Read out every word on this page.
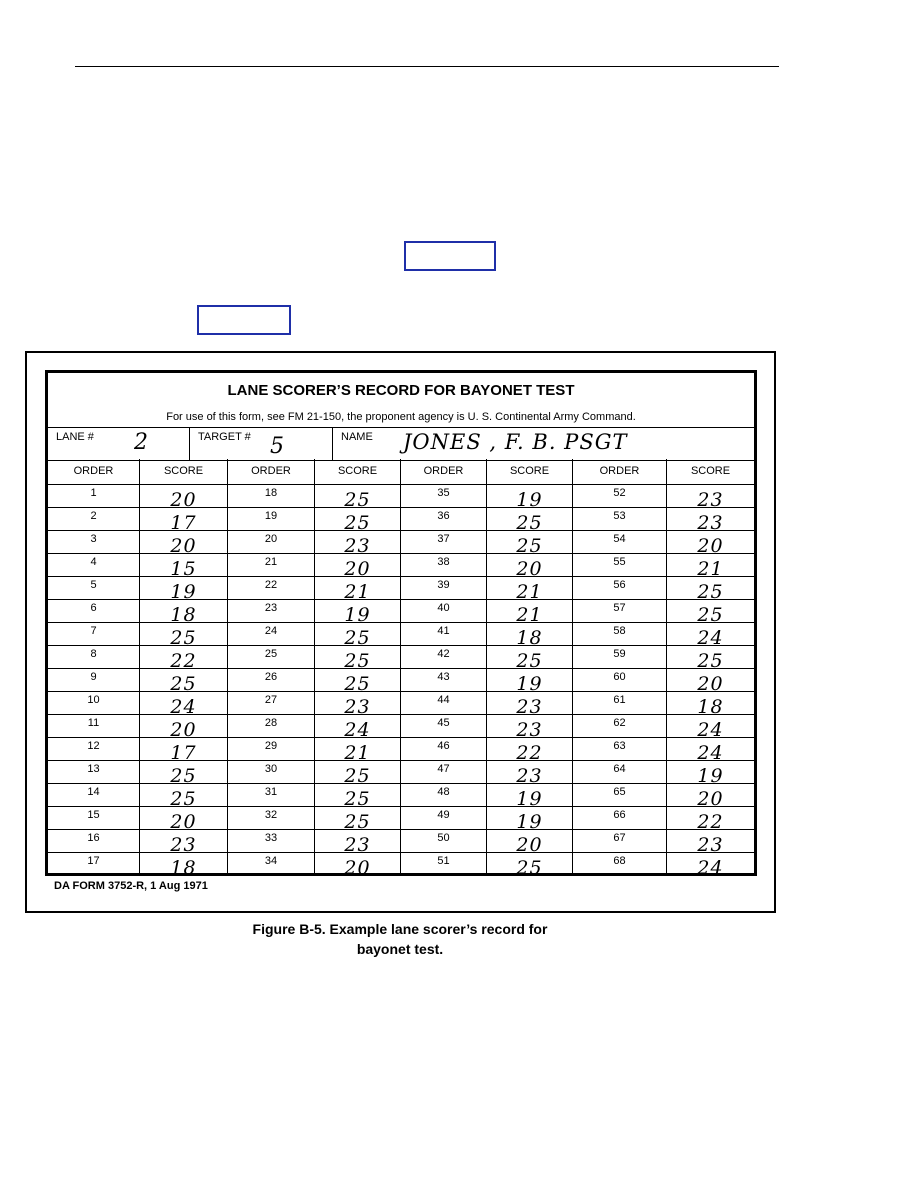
LANE SCORER’S RECORD FOR BAYONET TEST
For use of this form, see FM 21-150, the proponent agency is U. S. Continental Army Command.
LANE # 2	TARGET # 5	NAME JONES , F. B. PSGT
ORDER	SCORE	ORDER	SCORE	ORDER	SCORE	ORDER	SCORE
1	20	18	25	35	19	52	23
2	17	19	25	36	25	53	23
3	20	20	23	37	25	54	20
4	15	21	20	38	20	55	21
5	19	22	21	39	21	56	25
6	18	23	19	40	21	57	25
7	25	24	25	41	18	58	24
8	22	25	25	42	25	59	25
9	25	26	25	43	19	60	20
10	24	27	23	44	23	61	18
11	20	28	24	45	23	62	24
12	17	29	21	46	22	63	24
13	25	30	25	47	23	64	19
14	25	31	25	48	19	65	20
15	20	32	25	49	19	66	22
16	23	33	23	50	20	67	23
17	18	34	20	51	25	68	24
DA FORM 3752-R, 1 Aug 1971
Figure B-5. Example lane scorer’s record for
bayonet test.
